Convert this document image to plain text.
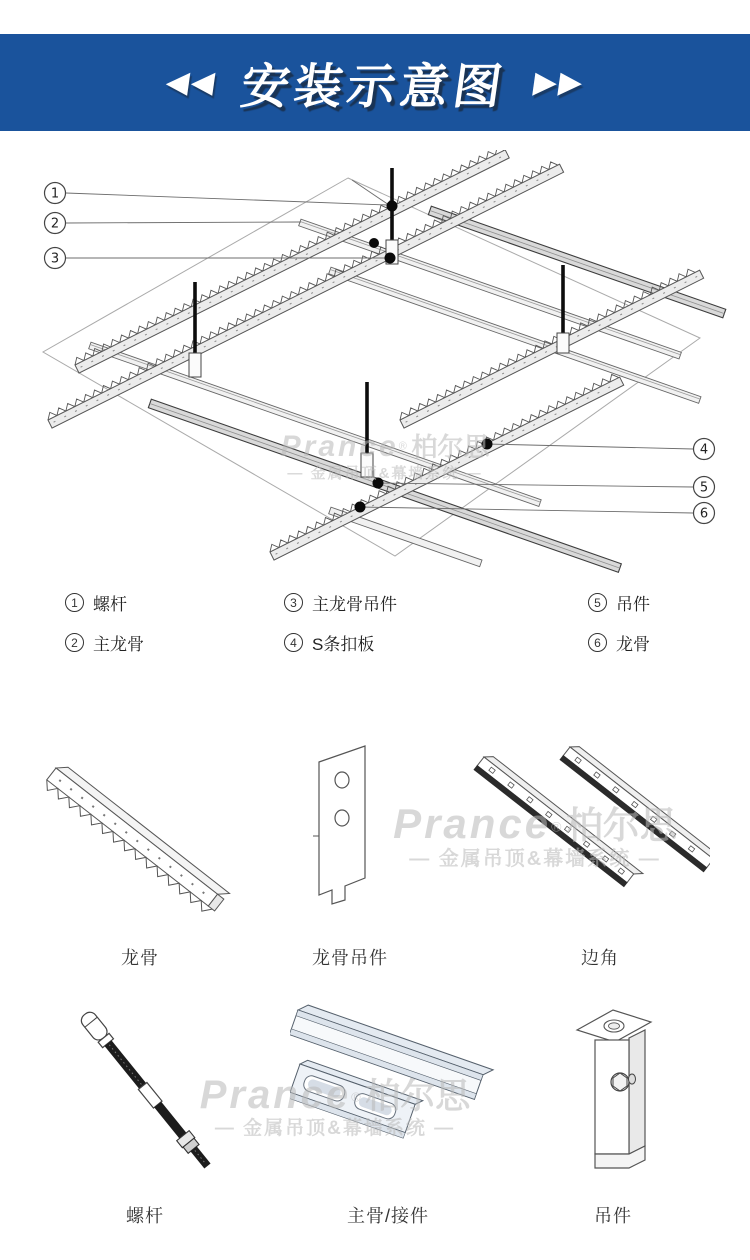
◀◀ 安装示意图 ▶▶
1
2
3
4
5
6
Prance® 柏尔思
— 金属吊顶&幕墙系统 —
1 螺杆
2 主龙骨
3 主龙骨吊件
4 S条扣板
5 吊件
6 龙骨
Prance® 柏尔思
— 金属吊顶&幕墙系统 —
龙骨	龙骨吊件	边角
Prance® 柏尔思
— 金属吊顶&幕墙系统 —
螺杆	主骨/接件	吊件
